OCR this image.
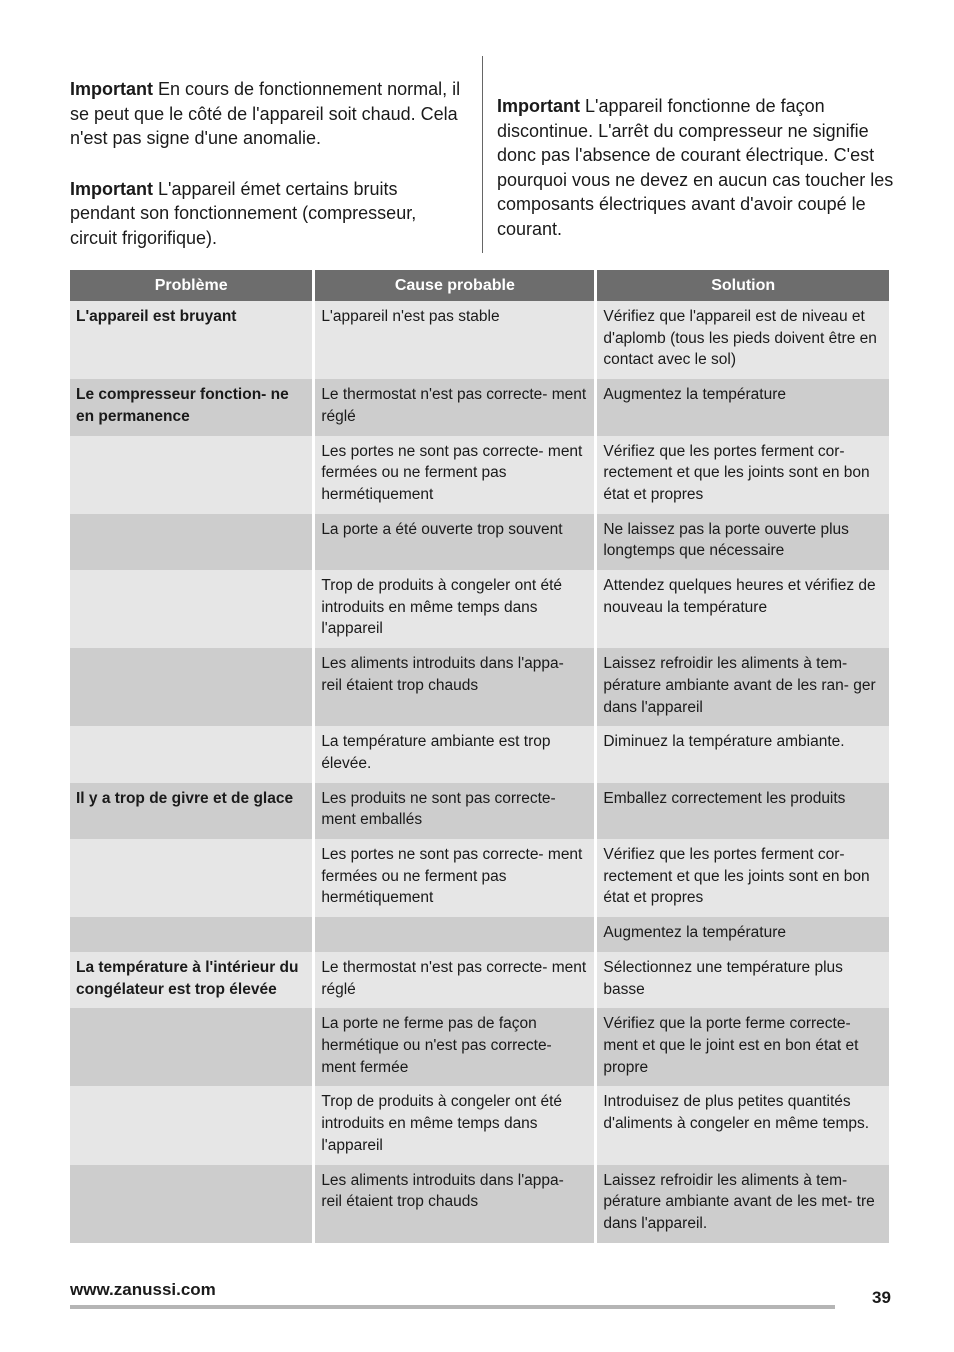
Important En cours de fonctionnement normal, il se peut que le côté de l'appareil soit chaud. Cela n'est pas signe d'une anomalie.

Important L'appareil émet certains bruits pendant son fonctionnement (compresseur, circuit frigorifique).

Important L'appareil fonctionne de façon discontinue. L'arrêt du compresseur ne signifie donc pas l'absence de courant électrique. C'est pourquoi vous ne devez en aucun cas toucher les composants électriques avant d'avoir coupé le courant.

Problème	Cause probable	Solution
L'appareil est bruyant	L'appareil n'est pas stable	Vérifiez que l'appareil est de niveau et d'aplomb (tous les pieds doivent être en contact avec le sol)
Le compresseur fonction- ne en permanence	Le thermostat n'est pas correcte- ment réglé	Augmentez la température
	Les portes ne sont pas correcte- ment fermées ou ne ferment pas hermétiquement	Vérifiez que les portes ferment cor- rectement et que les joints sont en bon état et propres
	La porte a été ouverte trop souvent	Ne laissez pas la porte ouverte plus longtemps que nécessaire
	Trop de produits à congeler ont été introduits en même temps dans l'appareil	Attendez quelques heures et vérifiez de nouveau la température
	Les aliments introduits dans l'appa- reil étaient trop chauds	Laissez refroidir les aliments à tem- pérature ambiante avant de les ran- ger dans l'appareil
	La température ambiante est trop élevée.	Diminuez la température ambiante.
Il y a trop de givre et de glace	Les produits ne sont pas correcte- ment emballés	Emballez correctement les produits
	Les portes ne sont pas correcte- ment fermées ou ne ferment pas hermétiquement	Vérifiez que les portes ferment cor- rectement et que les joints sont en bon état et propres
		Augmentez la température
La température à l'intérieur du congélateur est trop élevée	Le thermostat n'est pas correcte- ment réglé	Sélectionnez une température plus basse
	La porte ne ferme pas de façon hermétique ou n'est pas correcte- ment fermée	Vérifiez que la porte ferme correcte- ment et que le joint est en bon état et propre
	Trop de produits à congeler ont été introduits en même temps dans l'appareil	Introduisez de plus petites quantités d'aliments à congeler en même temps.
	Les aliments introduits dans l'appa- reil étaient trop chauds	Laissez refroidir les aliments à tem- pérature ambiante avant de les met- tre dans l'appareil.
www.zanussi.com	39
